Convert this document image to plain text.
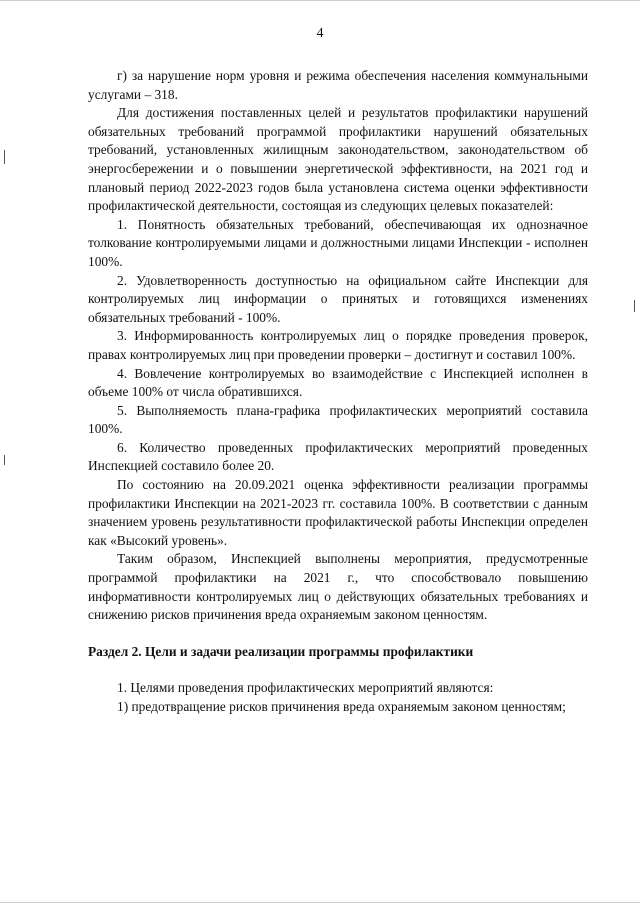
4

г) за нарушение норм уровня и режима обеспечения населения коммунальными услугами – 318.

Для достижения поставленных целей и результатов профилактики нарушений обязательных требований программой профилактики нарушений обязательных требований, установленных жилищным законодательством, законодательством об энергосбережении и о повышении энергетической эффективности, на 2021 год и плановый период 2022-2023 годов была установлена система оценки эффективности профилактической деятельности, состоящая из следующих целевых показателей:

1. Понятность обязательных требований, обеспечивающая их однозначное толкование контролируемыми лицами и должностными лицами Инспекции - исполнен 100%.

2. Удовлетворенность доступностью на официальном сайте Инспекции для контролируемых лиц информации о принятых и готовящихся изменениях обязательных требований - 100%.

3. Информированность контролируемых лиц о порядке проведения проверок, правах контролируемых лиц при проведении проверки – достигнут и составил 100%.

4. Вовлечение контролируемых во взаимодействие с Инспекцией исполнен в объеме 100% от числа обратившихся.

5. Выполняемость плана-графика профилактических мероприятий составила 100%.

6. Количество проведенных профилактических мероприятий проведенных Инспекцией составило более 20.

По состоянию на 20.09.2021 оценка эффективности реализации программы профилактики Инспекции на 2021-2023 гг. составила 100%. В соответствии с данным значением уровень результативности профилактической работы Инспекции определен как «Высокий уровень».

Таким образом, Инспекцией выполнены мероприятия, предусмотренные программой профилактики на 2021 г., что способствовало повышению информативности контролируемых лиц о действующих обязательных требованиях и снижению рисков причинения вреда охраняемым законом ценностям.

Раздел 2. Цели и задачи реализации программы профилактики

1. Целями проведения профилактических мероприятий являются:

1) предотвращение рисков причинения вреда охраняемым законом ценностям;
